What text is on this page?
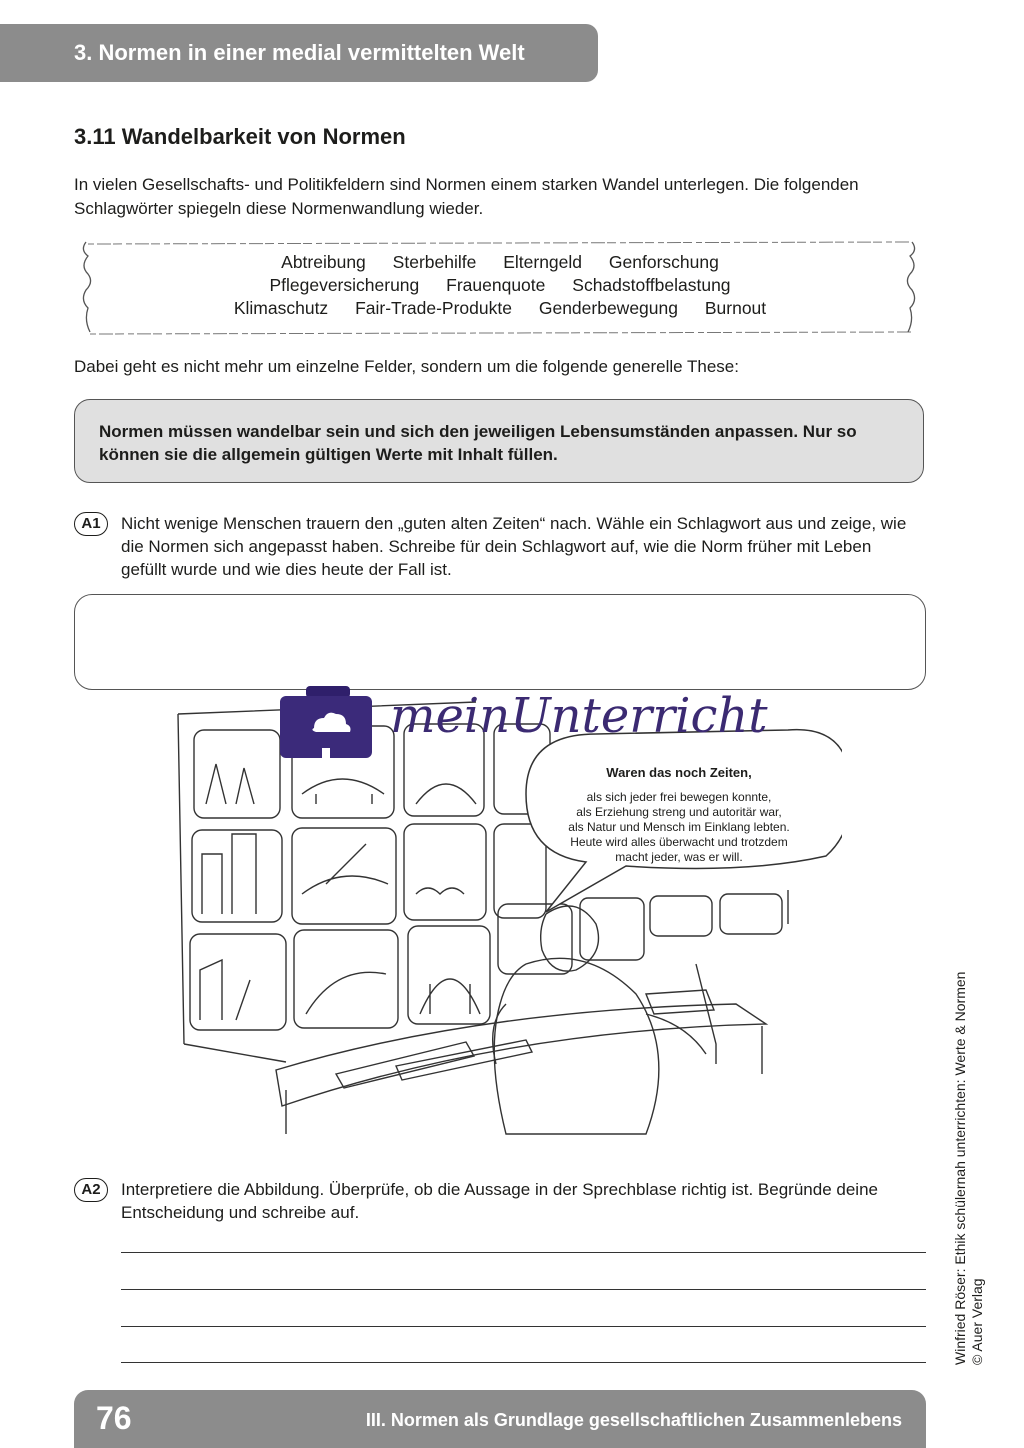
3. Normen in einer medial vermittelten Welt
3.11 Wandelbarkeit von Normen
In vielen Gesellschafts- und Politikfeldern sind Normen einem starken Wandel unterlegen. Die folgenden Schlagwörter spiegeln diese Normenwandlung wieder.
Abtreibung Sterbehilfe Elterngeld Genforschung
Pflegeversicherung Frauenquote Schadstoffbelastung
Klimaschutz Fair-Trade-Produkte Genderbewegung Burnout
Dabei geht es nicht mehr um einzelne Felder, sondern um die folgende generelle These:
Normen müssen wandelbar sein und sich den jeweiligen Lebensumständen anpassen. Nur so können sie die allgemein gültigen Werte mit Inhalt füllen.
A1	Nicht wenige Menschen trauern den „guten alten Zeiten“ nach. Wähle ein Schlagwort aus und zeige, wie die Normen sich angepasst haben. Schreibe für dein Schlagwort auf, wie die Norm früher mit Leben gefüllt wurde und wie dies heute der Fall ist.
meinUnterricht
Waren das noch Zeiten,
als sich jeder frei bewegen konnte,
als Erziehung streng und autoritär war,
als Natur und Mensch im Einklang lebten.
Heute wird alles überwacht und trotzdem
macht jeder, was er will.
A2	Interpretiere die Abbildung. Überprüfe, ob die Aussage in der Sprechblase richtig ist. Begründe deine Entscheidung und schreibe auf.	Winfried Röser: Ethik schülernah unterrichten: Werte & Normen © Auer Verlag
76	III. Normen als Grundlage gesellschaftlichen Zusammenlebens
